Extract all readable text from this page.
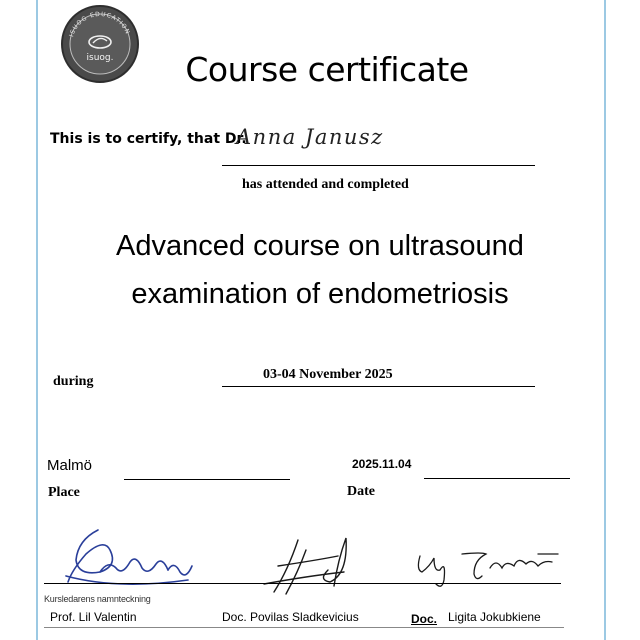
ISUOG EDUCATION
isuog.	Course certificate
This is to certify, that Dr.
Anna Janusz
has attended and completed
Advanced course on ultrasound
examination of endometriosis
03-04 November 2025
during
Malmö
Place
2025.11.04
Date
Kursledarens namnteckning
Prof. Lil Valentin	Doc. Povilas Sladkevicius	Doc. Ligita Jokubkiene
